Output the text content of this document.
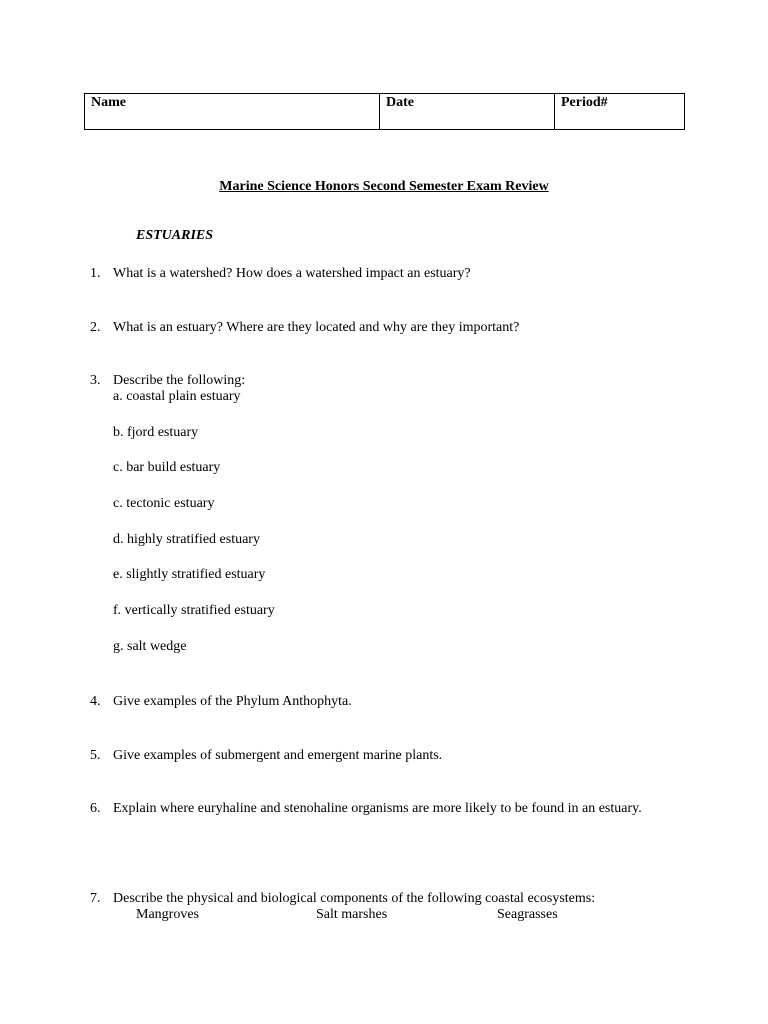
Name	Date	Period#
Marine Science Honors Second Semester Exam Review
ESTUARIES
1. What is a watershed? How does a watershed impact an estuary?
2. What is an estuary? Where are they located and why are they important?
3. Describe the following:
a. coastal plain estuary
b. fjord estuary
c. bar build estuary
c. tectonic estuary
d. highly stratified estuary
e. slightly stratified estuary
f. vertically stratified estuary
g. salt wedge
4. Give examples of the Phylum Anthophyta.
5. Give examples of submergent and emergent marine plants.
6. Explain where euryhaline and stenohaline organisms are more likely to be found in an estuary.
7. Describe the physical and biological components of the following coastal ecosystems:
Mangroves	Salt marshes	Seagrasses
